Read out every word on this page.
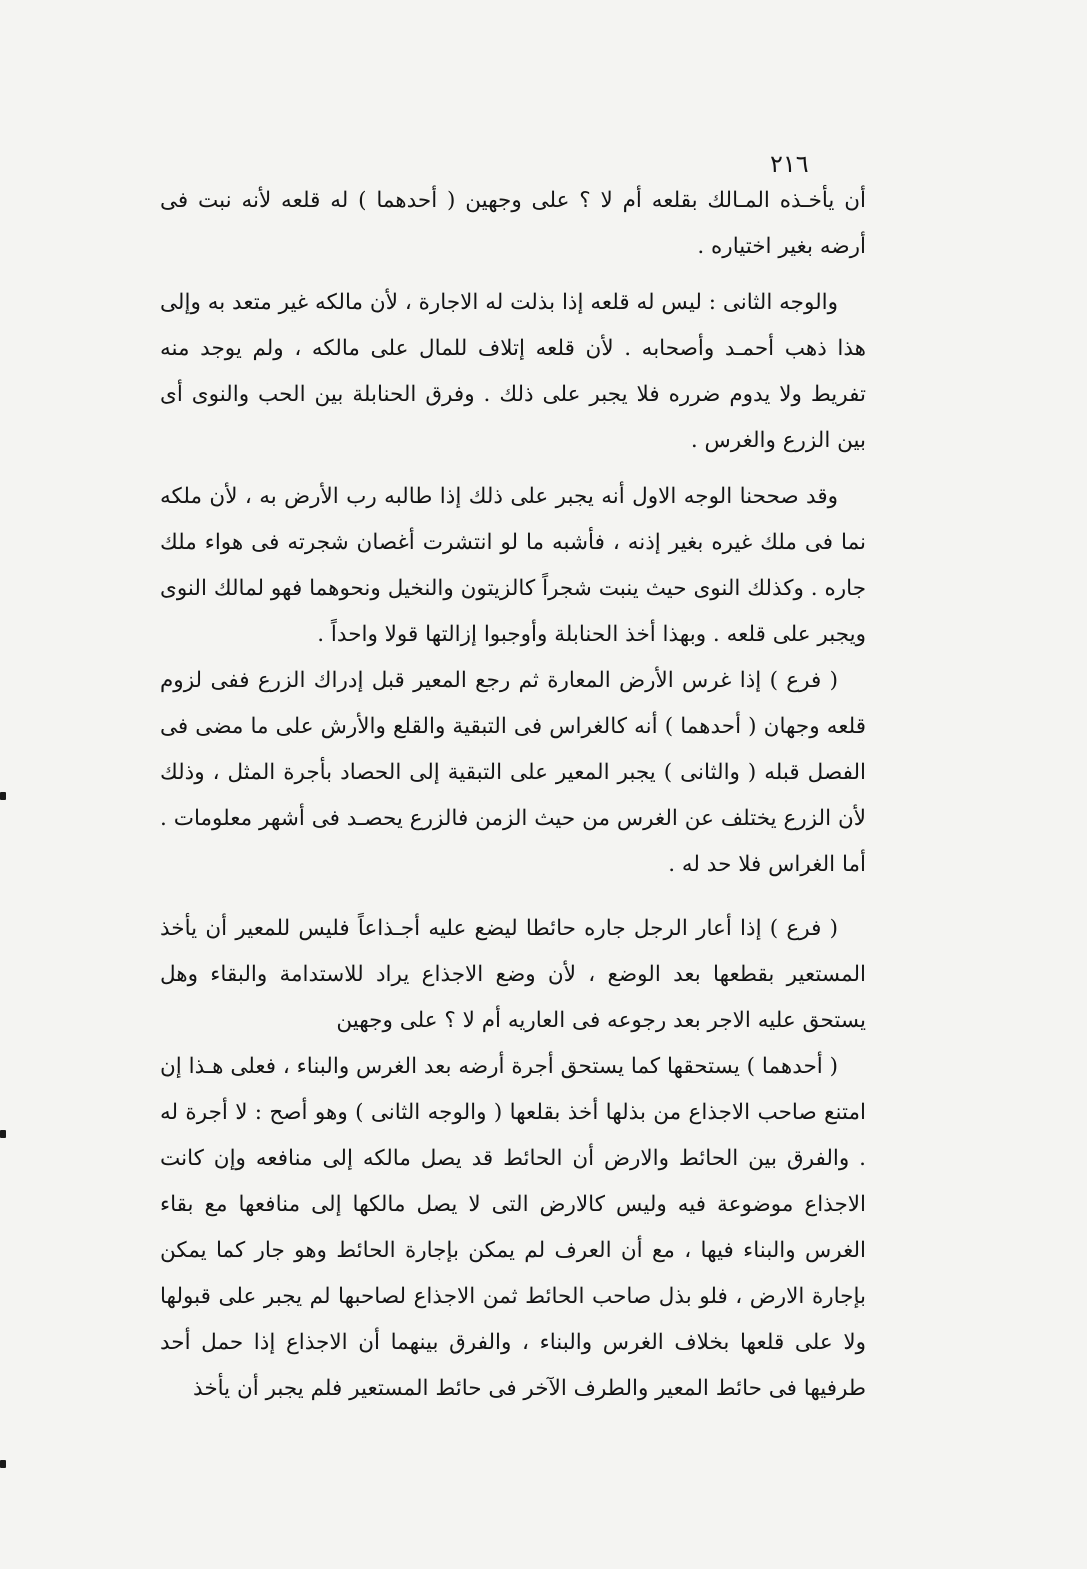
٢١٦

أن يأخـذه المـالك بقلعه أم لا ؟ على وجهين ( أحدهما ) له قلعه لأنه نبت فى أرضه بغير اختياره .

والوجه الثانى : ليس له قلعه إذا بذلت له الاجارة ، لأن مالكه غير متعد به وإلى هذا ذهب أحمـد وأصحابه . لأن قلعه إتلاف للمال على مالكه ، ولم يوجد منه تفريط ولا يدوم ضرره فلا يجبر على ذلك . وفرق الحنابلة بين الحب والنوى أى بين الزرع والغرس .

وقد صححنا الوجه الاول أنه يجبر على ذلك إذا طالبه رب الأرض به ، لأن ملكه نما فى ملك غيره بغير إذنه ، فأشبه ما لو انتشرت أغصان شجرته فى هواء ملك جاره . وكذلك النوى حيث ينبت شجراً كالزيتون والنخيل ونحوهما فهو لمالك النوى ويجبر على قلعه . وبهذا أخذ الحنابلة وأوجبوا إزالتها قولا واحداً .

( فرع ) إذا غرس الأرض المعارة ثم رجع المعير قبل إدراك الزرع ففى لزوم قلعه وجهان ( أحدهما ) أنه كالغراس فى التبقية والقلع والأرش على ما مضى فى الفصل قبله ( والثانى ) يجبر المعير على التبقية إلى الحصاد بأجرة المثل ، وذلك لأن الزرع يختلف عن الغرس من حيث الزمن فالزرع يحصـد فى أشهر معلومات . أما الغراس فلا حد له .

( فرع ) إذا أعار الرجل جاره حائطا ليضع عليه أجـذاعاً فليس للمعير أن يأخذ المستعير بقطعها بعد الوضع ، لأن وضع الاجذاع يراد للاستدامة والبقاء وهل يستحق عليه الاجر بعد رجوعه فى العاريه أم لا ؟ على وجهين

( أحدهما ) يستحقها كما يستحق أجرة أرضه بعد الغرس والبناء ، فعلى هـذا إن امتنع صاحب الاجذاع من بذلها أخذ بقلعها ( والوجه الثانى ) وهو أصح : لا أجرة له . والفرق بين الحائط والارض أن الحائط قد يصل مالكه إلى منافعه وإن كانت الاجذاع موضوعة فيه وليس كالارض التى لا يصل مالكها إلى منافعها مع بقاء الغرس والبناء فيها ، مع أن العرف لم يمكن بإجارة الحائط وهو جار كما يمكن بإجارة الارض ، فلو بذل صاحب الحائط ثمن الاجذاع لصاحبها لم يجبر على قبولها ولا على قلعها بخلاف الغرس والبناء ، والفرق بينهما أن الاجذاع إذا حمل أحد طرفيها فى حائط المعير والطرف الآخر فى حائط المستعير فلم يجبر أن يأخذ
